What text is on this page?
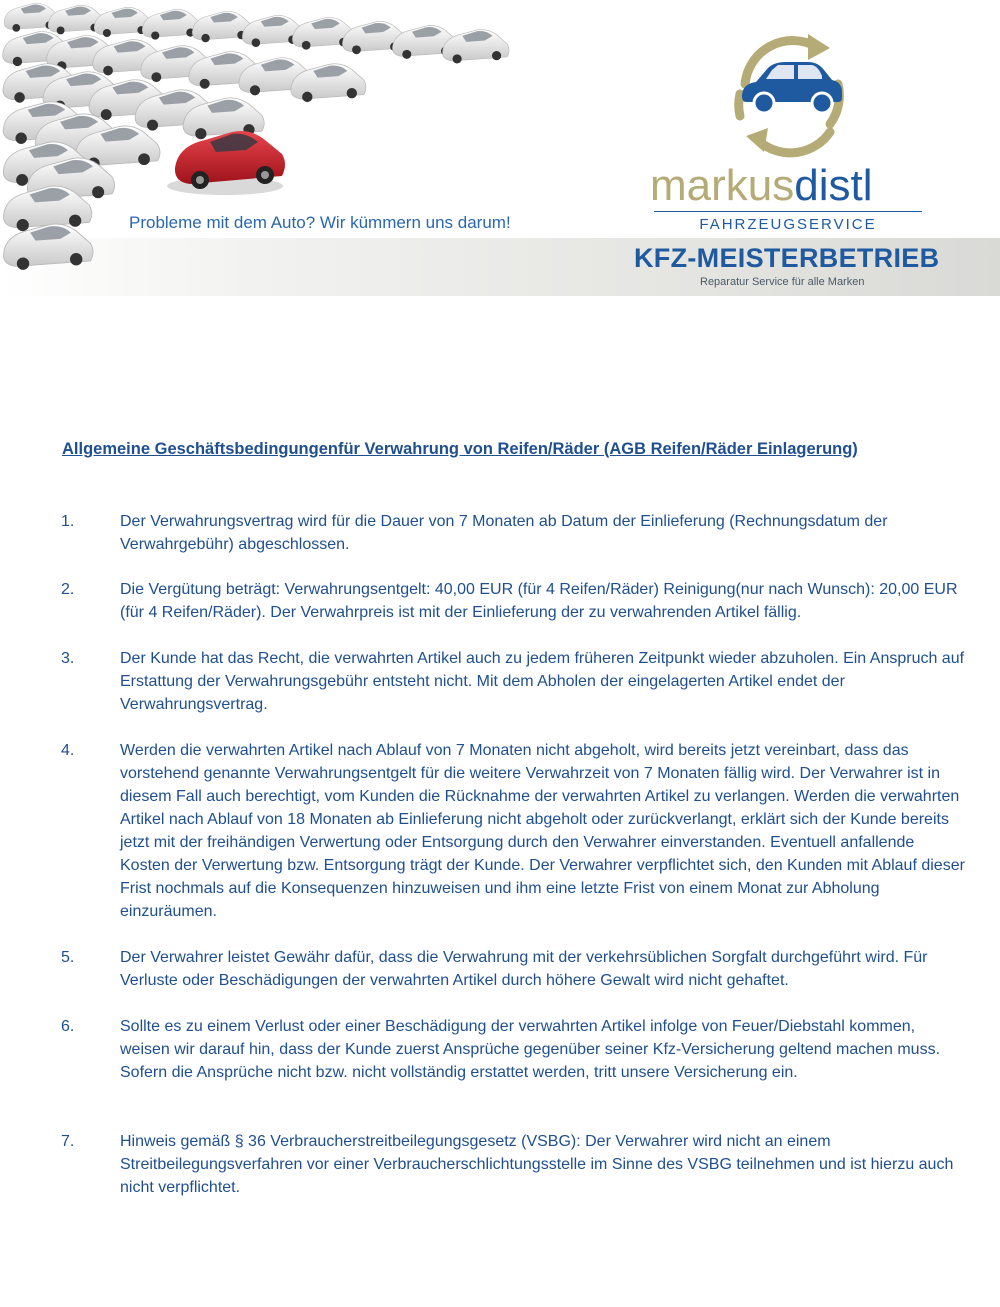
Probleme mit dem Auto? Wir kümmern uns darum!
markusdistl
FAHRZEUGSERVICE
KFZ-MEISTERBETRIEB
Reparatur Service für alle Marken
Allgemeine Geschäftsbedingungenfür Verwahrung von Reifen/Räder (AGB Reifen/Räder Einlagerung)
1.	Der Verwahrungsvertrag wird für die Dauer von 7 Monaten ab Datum der Einlieferung (Rechnungsdatum der Verwahrgebühr) abgeschlossen.
2.	Die Vergütung beträgt: Verwahrungsentgelt: 40,00 EUR (für 4 Reifen/Räder) Reinigung(nur nach Wunsch): 20,00 EUR (für 4 Reifen/Räder). Der Verwahrpreis ist mit der Einlieferung der zu verwahrenden Artikel fällig.
3.	Der Kunde hat das Recht, die verwahrten Artikel auch zu jedem früheren Zeitpunkt wieder abzuholen. Ein Anspruch auf Erstattung der Verwahrungsgebühr entsteht nicht. Mit dem Abholen der eingelagerten Artikel endet der Verwahrungsvertrag.
4.	Werden die verwahrten Artikel nach Ablauf von 7 Monaten nicht abgeholt, wird bereits jetzt vereinbart, dass das vorstehend genannte Verwahrungsentgelt für die weitere Verwahrzeit von 7 Monaten fällig wird. Der Verwahrer ist in diesem Fall auch berechtigt, vom Kunden die Rücknahme der verwahrten Artikel zu verlangen. Werden die verwahrten Artikel nach Ablauf von 18 Monaten ab Einlieferung nicht abgeholt oder zurückverlangt, erklärt sich der Kunde bereits jetzt mit der freihändigen Verwertung oder Entsorgung durch den Verwahrer einverstanden. Eventuell anfallende Kosten der Verwertung bzw. Entsorgung trägt der Kunde. Der Verwahrer verpflichtet sich, den Kunden mit Ablauf dieser Frist nochmals auf die Konsequenzen hinzuweisen und ihm eine letzte Frist von einem Monat zur Abholung einzuräumen.
5.	Der Verwahrer leistet Gewähr dafür, dass die Verwahrung mit der verkehrsüblichen Sorgfalt durchgeführt wird. Für Verluste oder Beschädigungen der verwahrten Artikel durch höhere Gewalt wird nicht gehaftet.
6.	Sollte es zu einem Verlust oder einer Beschädigung der verwahrten Artikel infolge von Feuer/Diebstahl kommen, weisen wir darauf hin, dass der Kunde zuerst Ansprüche gegenüber seiner Kfz-Versicherung geltend machen muss. Sofern die Ansprüche nicht bzw. nicht vollständig erstattet werden, tritt unsere Versicherung ein.
7.	Hinweis gemäß § 36 Verbraucherstreitbeilegungsgesetz (VSBG): Der Verwahrer wird nicht an einem Streitbeilegungsverfahren vor einer Verbraucherschlichtungsstelle im Sinne des VSBG teilnehmen und ist hierzu auch nicht verpflichtet.
